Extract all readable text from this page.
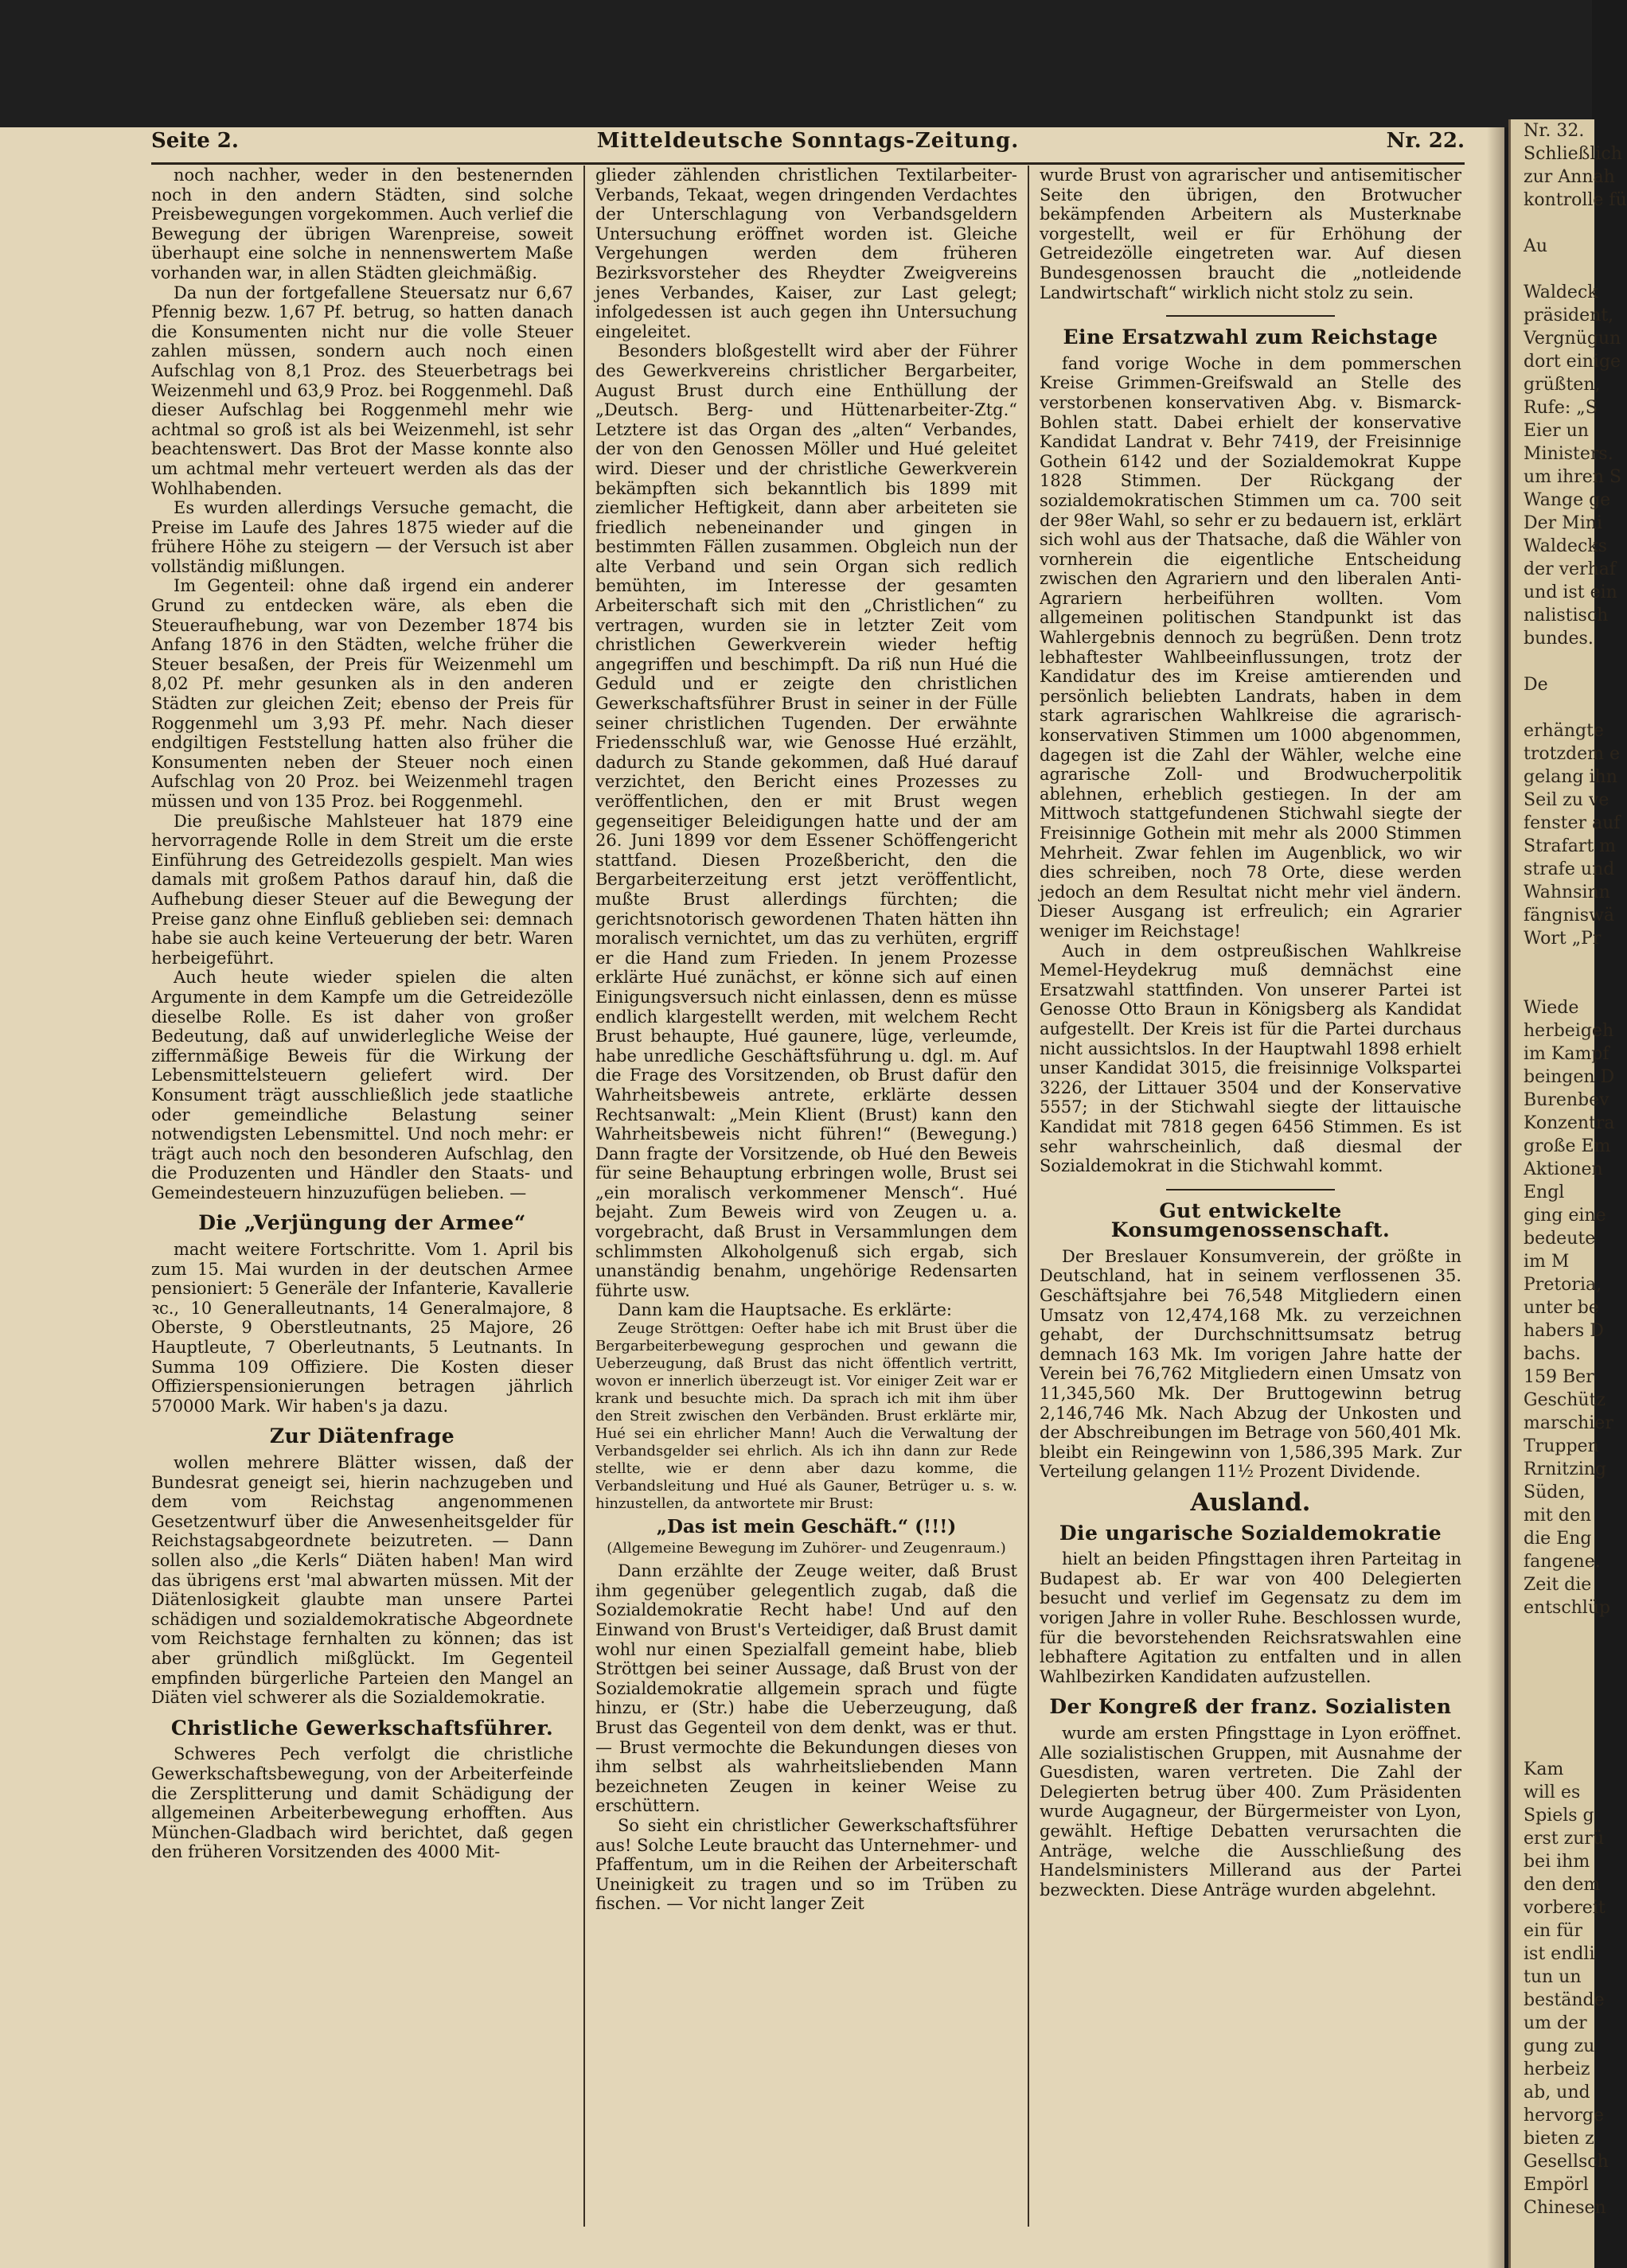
Seite 2.	Mitteldeutsche Sonntags-Zeitung.	Nr. 22.

noch nachher, weder in den bestenernden noch in den andern Städten, sind solche Preisbewegungen vorgekommen. Auch verlief die Bewegung der übrigen Warenpreise, soweit überhaupt eine solche in nennenswertem Maße vorhanden war, in allen Städten gleichmäßig.

Da nun der fortgefallene Steuersatz nur 6,67 Pfennig bezw. 1,67 Pf. betrug, so hatten danach die Konsumenten nicht nur die volle Steuer zahlen müssen, sondern auch noch einen Aufschlag von 8,1 Proz. des Steuerbetrags bei Weizenmehl und 63,9 Proz. bei Roggenmehl. Daß dieser Aufschlag bei Roggenmehl mehr wie achtmal so groß ist als bei Weizenmehl, ist sehr beachtenswert. Das Brot der Masse konnte also um achtmal mehr verteuert werden als das der Wohlhabenden.

Es wurden allerdings Versuche gemacht, die Preise im Laufe des Jahres 1875 wieder auf die frühere Höhe zu steigern — der Versuch ist aber vollständig mißlungen.

Im Gegenteil: ohne daß irgend ein anderer Grund zu entdecken wäre, als eben die Steueraufhebung, war von Dezember 1874 bis Anfang 1876 in den Städten, welche früher die Steuer besaßen, der Preis für Weizenmehl um 8,02 Pf. mehr gesunken als in den anderen Städten zur gleichen Zeit; ebenso der Preis für Roggenmehl um 3,93 Pf. mehr. Nach dieser endgiltigen Feststellung hatten also früher die Konsumenten neben der Steuer noch einen Aufschlag von 20 Proz. bei Weizenmehl tragen müssen und von 135 Proz. bei Roggenmehl.

Die preußische Mahlsteuer hat 1879 eine hervorragende Rolle in dem Streit um die erste Einführung des Getreidezolls gespielt. Man wies damals mit großem Pathos darauf hin, daß die Aufhebung dieser Steuer auf die Bewegung der Preise ganz ohne Einfluß geblieben sei: demnach habe sie auch keine Verteuerung der betr. Waren herbeigeführt.

Auch heute wieder spielen die alten Argumente in dem Kampfe um die Getreidezölle dieselbe Rolle. Es ist daher von großer Bedeutung, daß auf unwiderlegliche Weise der ziffernmäßige Beweis für die Wirkung der Lebensmittelsteuern geliefert wird. Der Konsument trägt ausschließlich jede staatliche oder gemeindliche Belastung seiner notwendigsten Lebensmittel. Und noch mehr: er trägt auch noch den besonderen Aufschlag, den die Produzenten und Händler den Staats- und Gemeindesteuern hinzuzufügen belieben. —

Die „Verjüngung der Armee“

macht weitere Fortschritte. Vom 1. April bis zum 15. Mai wurden in der deutschen Armee pensioniert: 5 Generäle der Infanterie, Kavallerie ꝛc., 10 Generalleutnants, 14 Generalmajore, 8 Oberste, 9 Oberstleutnants, 25 Majore, 26 Hauptleute, 7 Oberleutnants, 5 Leutnants. In Summa 109 Offiziere. Die Kosten dieser Offizierspensionierungen betragen jährlich 570000 Mark. Wir haben's ja dazu.

Zur Diätenfrage

wollen mehrere Blätter wissen, daß der Bundesrat geneigt sei, hierin nachzugeben und dem vom Reichstag angenommenen Gesetzentwurf über die Anwesenheitsgelder für Reichstagsabgeordnete beizutreten. — Dann sollen also „die Kerls“ Diäten haben! Man wird das übrigens erst 'mal abwarten müssen. Mit der Diätenlosigkeit glaubte man unsere Partei schädigen und sozialdemokratische Abgeordnete vom Reichstage fernhalten zu können; das ist aber gründlich mißglückt. Im Gegenteil empfinden bürgerliche Parteien den Mangel an Diäten viel schwerer als die Sozialdemokratie.

Christliche Gewerkschaftsführer.

Schweres Pech verfolgt die christliche Gewerkschaftsbewegung, von der Arbeiterfeinde die Zersplitterung und damit Schädigung der allgemeinen Arbeiterbewegung erhofften. Aus München-Gladbach wird berichtet, daß gegen den früheren Vorsitzenden des 4000 Mit-

glieder zählenden christlichen Textilarbeiter-Verbands, Tekaat, wegen dringenden Verdachtes der Unterschlagung von Verbandsgeldern Untersuchung eröffnet worden ist. Gleiche Vergehungen werden dem früheren Bezirksvorsteher des Rheydter Zweigvereins jenes Verbandes, Kaiser, zur Last gelegt; infolgedessen ist auch gegen ihn Untersuchung eingeleitet.

Besonders bloßgestellt wird aber der Führer des Gewerkvereins christlicher Bergarbeiter, August Brust durch eine Enthüllung der „Deutsch. Berg- und Hüttenarbeiter-Ztg.“ Letztere ist das Organ des „alten“ Verbandes, der von den Genossen Möller und Hué geleitet wird. Dieser und der christliche Gewerkverein bekämpften sich bekanntlich bis 1899 mit ziemlicher Heftigkeit, dann aber arbeiteten sie friedlich nebeneinander und gingen in bestimmten Fällen zusammen. Obgleich nun der alte Verband und sein Organ sich redlich bemühten, im Interesse der gesamten Arbeiterschaft sich mit den „Christlichen“ zu vertragen, wurden sie in letzter Zeit vom christlichen Gewerkverein wieder heftig angegriffen und beschimpft. Da riß nun Hué die Geduld und er zeigte den christlichen Gewerkschaftsführer Brust in seiner in der Fülle seiner christlichen Tugenden. Der erwähnte Friedensschluß war, wie Genosse Hué erzählt, dadurch zu Stande gekommen, daß Hué darauf verzichtet, den Bericht eines Prozesses zu veröffentlichen, den er mit Brust wegen gegenseitiger Beleidigungen hatte und der am 26. Juni 1899 vor dem Essener Schöffengericht stattfand. Diesen Prozeßbericht, den die Bergarbeiterzeitung erst jetzt veröffentlicht, mußte Brust allerdings fürchten; die gerichtsnotorisch gewordenen Thaten hätten ihn moralisch vernichtet, um das zu verhüten, ergriff er die Hand zum Frieden. In jenem Prozesse erklärte Hué zunächst, er könne sich auf einen Einigungsversuch nicht einlassen, denn es müsse endlich klargestellt werden, mit welchem Recht Brust behaupte, Hué gaunere, lüge, verleumde, habe unredliche Geschäftsführung u. dgl. m. Auf die Frage des Vorsitzenden, ob Brust dafür den Wahrheitsbeweis antrete, erklärte dessen Rechtsanwalt: „Mein Klient (Brust) kann den Wahrheitsbeweis nicht führen!“ (Bewegung.) Dann fragte der Vorsitzende, ob Hué den Beweis für seine Behauptung erbringen wolle, Brust sei „ein moralisch verkommener Mensch“. Hué bejaht. Zum Beweis wird von Zeugen u. a. vorgebracht, daß Brust in Versammlungen dem schlimmsten Alkoholgenuß sich ergab, sich unanständig benahm, ungehörige Redensarten führte usw.

Dann kam die Hauptsache. Es erklärte:

Zeuge Ströttgen: Oefter habe ich mit Brust über die Bergarbeiterbewegung gesprochen und gewann die Ueberzeugung, daß Brust das nicht öffentlich vertritt, wovon er innerlich überzeugt ist. Vor einiger Zeit war er krank und besuchte mich. Da sprach ich mit ihm über den Streit zwischen den Verbänden. Brust erklärte mir, Hué sei ein ehrlicher Mann! Auch die Verwaltung der Verbandsgelder sei ehrlich. Als ich ihn dann zur Rede stellte, wie er denn aber dazu komme, die Verbandsleitung und Hué als Gauner, Betrüger u. s. w. hinzustellen, da antwortete mir Brust:

„Das ist mein Geschäft.“ (!!!)

(Allgemeine Bewegung im Zuhörer- und Zeugenraum.)

Dann erzählte der Zeuge weiter, daß Brust ihm gegenüber gelegentlich zugab, daß die Sozialdemokratie Recht habe! Und auf den Einwand von Brust's Verteidiger, daß Brust damit wohl nur einen Spezialfall gemeint habe, blieb Ströttgen bei seiner Aussage, daß Brust von der Sozialdemokratie allgemein sprach und fügte hinzu, er (Str.) habe die Ueberzeugung, daß Brust das Gegenteil von dem denkt, was er thut. — Brust vermochte die Bekundungen dieses von ihm selbst als wahrheitsliebenden Mann bezeichneten Zeugen in keiner Weise zu erschüttern.

So sieht ein christlicher Gewerkschaftsführer aus! Solche Leute braucht das Unternehmer- und Pfaffentum, um in die Reihen der Arbeiterschaft Uneinigkeit zu tragen und so im Trüben zu fischen. — Vor nicht langer Zeit

wurde Brust von agrarischer und antisemitischer Seite den übrigen, den Brotwucher bekämpfenden Arbeitern als Musterknabe vorgestellt, weil er für Erhöhung der Getreidezölle eingetreten war. Auf diesen Bundesgenossen braucht die „notleidende Landwirtschaft“ wirklich nicht stolz zu sein.

Eine Ersatzwahl zum Reichstage

fand vorige Woche in dem pommerschen Kreise Grimmen-Greifswald an Stelle des verstorbenen konservativen Abg. v. Bismarck-Bohlen statt. Dabei erhielt der konservative Kandidat Landrat v. Behr 7419, der Freisinnige Gothein 6142 und der Sozialdemokrat Kuppe 1828 Stimmen. Der Rückgang der sozialdemokratischen Stimmen um ca. 700 seit der 98er Wahl, so sehr er zu bedauern ist, erklärt sich wohl aus der Thatsache, daß die Wähler von vornherein die eigentliche Entscheidung zwischen den Agrariern und den liberalen Anti-Agrariern herbeiführen wollten. Vom allgemeinen politischen Standpunkt ist das Wahlergebnis dennoch zu begrüßen. Denn trotz lebhaftester Wahlbeeinflussungen, trotz der Kandidatur des im Kreise amtierenden und persönlich beliebten Landrats, haben in dem stark agrarischen Wahlkreise die agrarisch-konservativen Stimmen um 1000 abgenommen, dagegen ist die Zahl der Wähler, welche eine agrarische Zoll- und Brodwucherpolitik ablehnen, erheblich gestiegen. In der am Mittwoch stattgefundenen Stichwahl siegte der Freisinnige Gothein mit mehr als 2000 Stimmen Mehrheit. Zwar fehlen im Augenblick, wo wir dies schreiben, noch 78 Orte, diese werden jedoch an dem Resultat nicht mehr viel ändern. Dieser Ausgang ist erfreulich; ein Agrarier weniger im Reichstage!

Auch in dem ostpreußischen Wahlkreise Memel-Heydekrug muß demnächst eine Ersatzwahl stattfinden. Von unserer Partei ist Genosse Otto Braun in Königsberg als Kandidat aufgestellt. Der Kreis ist für die Partei durchaus nicht aussichtslos. In der Hauptwahl 1898 erhielt unser Kandidat 3015, die freisinnige Volkspartei 3226, der Littauer 3504 und der Konservative 5557; in der Stichwahl siegte der littauische Kandidat mit 7818 gegen 6456 Stimmen. Es ist sehr wahrscheinlich, daß diesmal der Sozialdemokrat in die Stichwahl kommt.

Gut entwickelte Konsumgenossenschaft.

Der Breslauer Konsumverein, der größte in Deutschland, hat in seinem verflossenen 35. Geschäftsjahre bei 76,548 Mitgliedern einen Umsatz von 12,474,168 Mk. zu verzeichnen gehabt, der Durchschnittsumsatz betrug demnach 163 Mk. Im vorigen Jahre hatte der Verein bei 76,762 Mitgliedern einen Umsatz von 11,345,560 Mk. Der Bruttogewinn betrug 2,146,746 Mk. Nach Abzug der Unkosten und der Abschreibungen im Betrage von 560,401 Mk. bleibt ein Reingewinn von 1,586,395 Mark. Zur Verteilung gelangen 11½ Prozent Dividende.

Ausland.
Die ungarische Sozialdemokratie

hielt an beiden Pfingsttagen ihren Parteitag in Budapest ab. Er war von 400 Delegierten besucht und verlief im Gegensatz zu dem im vorigen Jahre in voller Ruhe. Beschlossen wurde, für die bevorstehenden Reichsratswahlen eine lebhaftere Agitation zu entfalten und in allen Wahlbezirken Kandidaten aufzustellen.

Der Kongreß der franz. Sozialisten

wurde am ersten Pfingsttage in Lyon eröffnet. Alle sozialistischen Gruppen, mit Ausnahme der Guesdisten, waren vertreten. Die Zahl der Delegierten betrug über 400. Zum Präsidenten wurde Augagneur, der Bürgermeister von Lyon, gewählt. Heftige Debatten verursachten die Anträge, welche die Ausschließung des Handelsministers Millerand aus der Partei bezweckten. Diese Anträge wurden abgelehnt.

Nr. 32.
Schließlich
zur Annah
kontrolle fü

Au

Waldeck
präsident,
Vergnügun
dort einige
grüßten,
Rufe: „S
Eier un
Ministers.
um ihren S
Wange ge
Der Mini
Waldecks
der verhaf
und ist ein
nalistisch
bundes.

De

erhängte
trotzdem e
gelang ihn
Seil zu ve
fenster auf
Strafart m
strafe und
Wahnsinn
fängniswä
Wort „Pr

Wiede
herbeigeh
im Kampf
beingen D
Burenbev
Konzentra
große Em
Aktionen
Engl
ging eine
bedeute
im M
Pretoria,
unter be
habers D
bachs.
159 Ber
Geschütz
marschier
Truppen
Rrnitzing
Süden,
mit den
die Eng
fangene.
Zeit die
entschlüp

Kam
will es
Spiels g
erst zurü
bei ihm
den dem
vorbereit
ein für
ist endli
tun un
bestände
um der
gung zu
herbeiz
ab, und
hervorge
bieten z
Gesellsch
Empörl
Chinesen
